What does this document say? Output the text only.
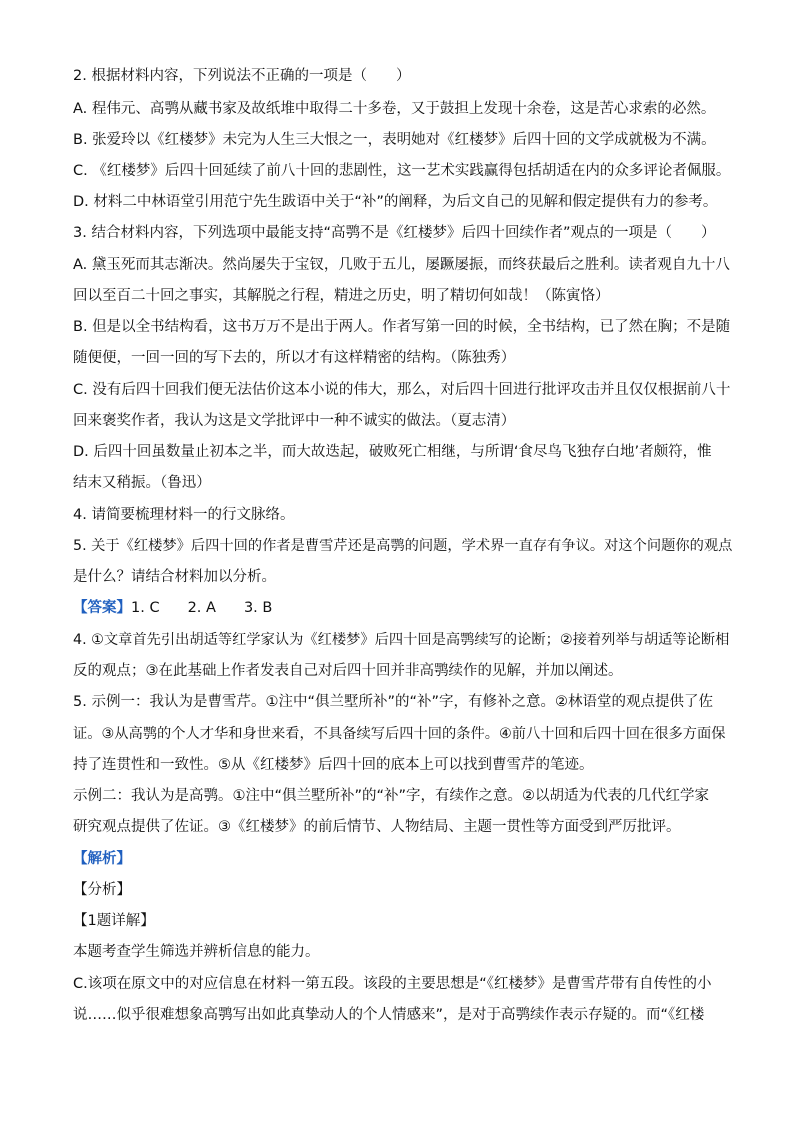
2. 根据材料内容，下列说法不正确的一项是（　　）
A. 程伟元、高鹗从藏书家及故纸堆中取得二十多卷，又于鼓担上发现十余卷，这是苦心求索的必然。
B. 张爱玲以《红楼梦》未完为人生三大恨之一，表明她对《红楼梦》后四十回的文学成就极为不满。
C. 《红楼梦》后四十回延续了前八十回的悲剧性，这一艺术实践赢得包括胡适在内的众多评论者佩服。
D. 材料二中林语堂引用范宁先生跋语中关于“补”的阐释，为后文自己的见解和假定提供有力的参考。
3. 结合材料内容，下列选项中最能支持“高鹗不是《红楼梦》后四十回续作者”观点的一项是（　　）
A. 黛玉死而其志渐决。然尚屡失于宝钗，几败于五儿，屡蹶屡振，而终获最后之胜利。读者观自九十八
回以至百二十回之事实，其解脱之行程，精进之历史，明了精切何如哉！（陈寅恪）
B. 但是以全书结构看，这书万万不是出于两人。作者写第一回的时候，全书结构，已了然在胸；不是随
随便便，一回一回的写下去的，所以才有这样精密的结构。（陈独秀）
C. 没有后四十回我们便无法估价这本小说的伟大，那么，对后四十回进行批评攻击并且仅仅根据前八十
回来褒奖作者，我认为这是文学批评中一种不诚实的做法。（夏志清）
D. 后四十回虽数量止初本之半，而大故迭起，破败死亡相继，与所谓‘食尽鸟飞独存白地’者颇符，惟
结末又稍振。（鲁迅）
4. 请简要梳理材料一的行文脉络。
5. 关于《红楼梦》后四十回的作者是曹雪芹还是高鹗的问题，学术界一直存有争议。对这个问题你的观点
是什么？请结合材料加以分析。
【答案】1. C 2. A 3. B
4. ①文章首先引出胡适等红学家认为《红楼梦》后四十回是高鹗续写的论断；②接着列举与胡适等论断相
反的观点；③在此基础上作者发表自己对后四十回并非高鹗续作的见解，并加以阐述。
5. 示例一：我认为是曹雪芹。①注中“俱兰墅所补”的“补”字，有修补之意。②林语堂的观点提供了佐
证。③从高鹗的个人才华和身世来看，不具备续写后四十回的条件。④前八十回和后四十回在很多方面保
持了连贯性和一致性。⑤从《红楼梦》后四十回的底本上可以找到曹雪芹的笔迹。
示例二：我认为是高鹗。①注中“俱兰墅所补”的“补”字，有续作之意。②以胡适为代表的几代红学家
研究观点提供了佐证。③《红楼梦》的前后情节、人物结局、主题一贯性等方面受到严厉批评。
【解析】
【分析】
【1题详解】
本题考查学生筛选并辨析信息的能力。
C.该项在原文中的对应信息在材料一第五段。该段的主要思想是“《红楼梦》是曹雪芹带有自传性的小
说……似乎很难想象高鹗写出如此真挚动人的个人情感来”，是对于高鹗续作表示存疑的。而“《红楼
